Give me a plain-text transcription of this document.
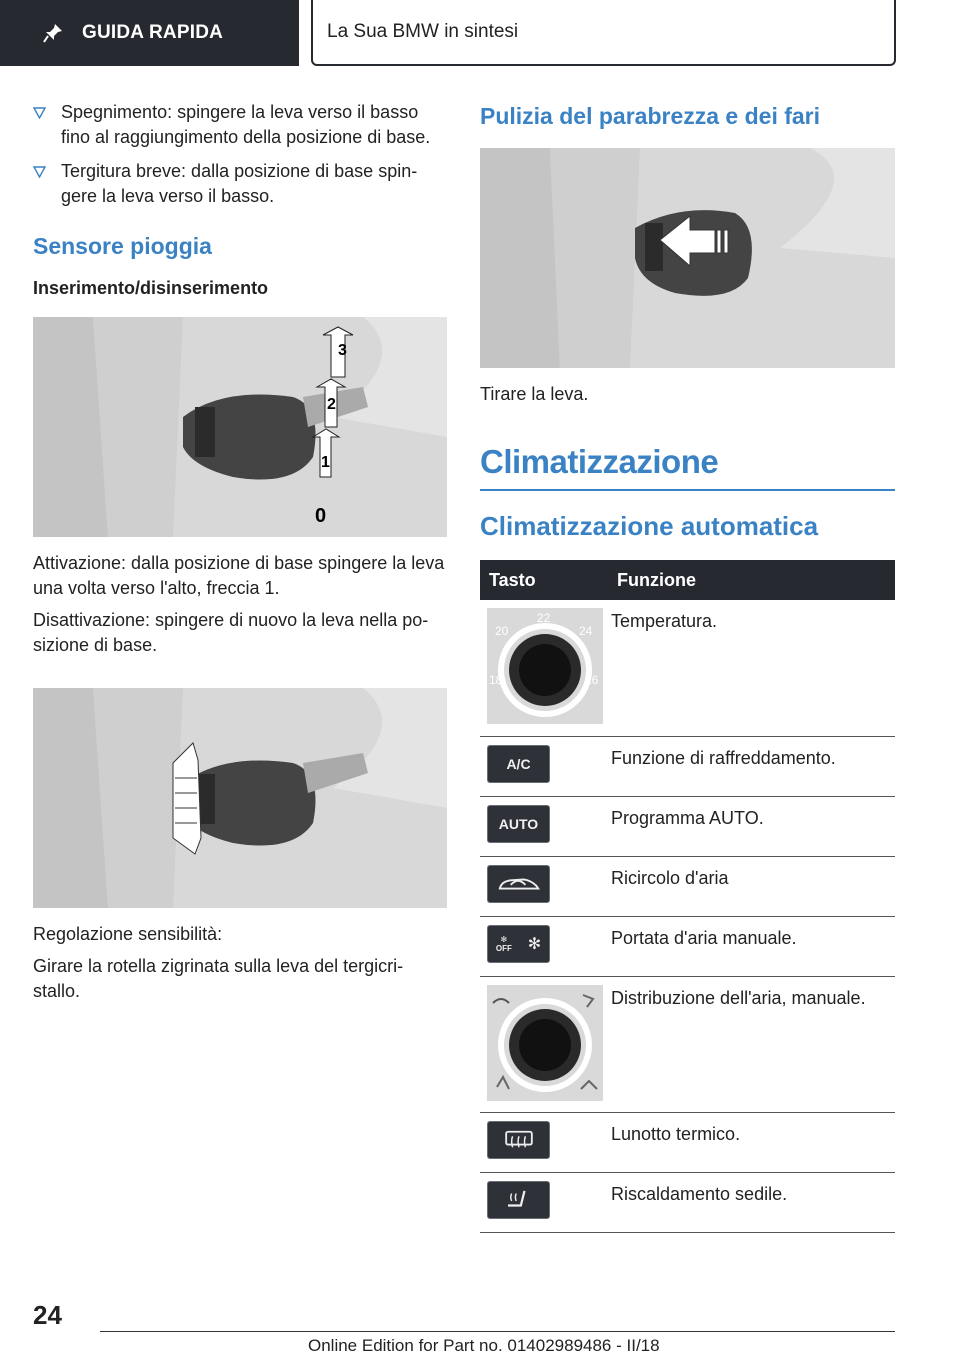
GUIDA RAPIDA	La Sua BMW in sintesi
Spegnimento: spingere la leva verso il basso fino al raggiungimento della posizione di base.
Tergitura breve: dalla posizione di base spin-gere la leva verso il basso.
Sensore pioggia
Inserimento/disinserimento
3
2
1
0

Attivazione: dalla posizione di base spingere la leva una volta verso l'alto, freccia 1.

Disattivazione: spingere di nuovo la leva nella po-sizione di base.

Regolazione sensibilità:

Girare la rotella zigrinata sulla leva del tergicri-stallo.

Pulizia del parabrezza e dei fari

Tirare la leva.

Climatizzazione
Climatizzazione automatica
Tasto	Funzione

20
22
24
18 26	Temperatura.

A/C	Funzione di raffreddamento.

AUTO	Programma AUTO.

	Ricircolo d'aria

✻
OFF ✻	Portata d'aria manuale.

	Distribuzione dell'aria, manuale.

	Lunotto termico.

	Riscaldamento sedile.
24
Online Edition for Part no. 01402989486 - II/18
